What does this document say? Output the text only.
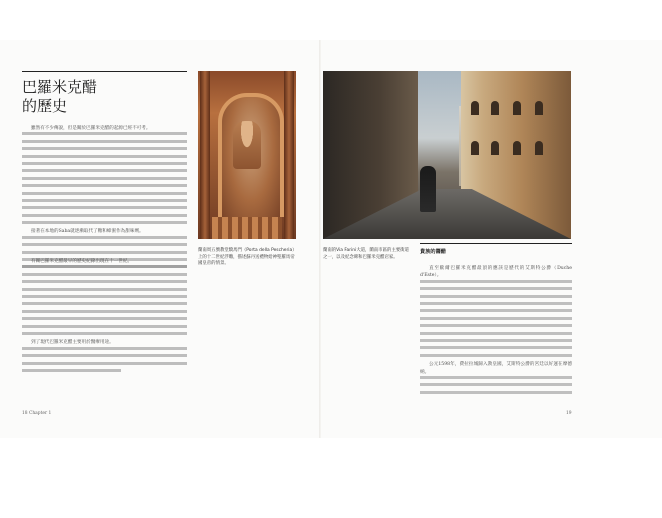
巴羅米克醋
的歷史
雖然有不少傳說，但是關於巴羅米克醋的起源已經不可考。
接著在本地的Saba就逐漸取代了糖和蜂蜜作為甜味劑。
有關巴羅米克醋最早的歷史紀錄出現在十一世紀。
到了現代巴羅米克醋主要用於醫療用途。
蘭南周五號教堂騎馬門（Porta della Pescheria）上的十二世紀浮雕，描述蘇丹送禮物給神聖羅馬帝國皇帝的情景。
蘭南的Via Farini大道，蘭南市區的主要街道之一，以及紀念碑和巴羅米克醋店家。
貴族的醬醋
直至歐爾巴羅米克醋最頂的應該是歷代的艾斯特公爵（Duche d'Este）。
公元1598年，費拉拉城歸入教皇國，艾斯特公爵的宮廷以好運在摩德納。
18 Chapter 1	19
